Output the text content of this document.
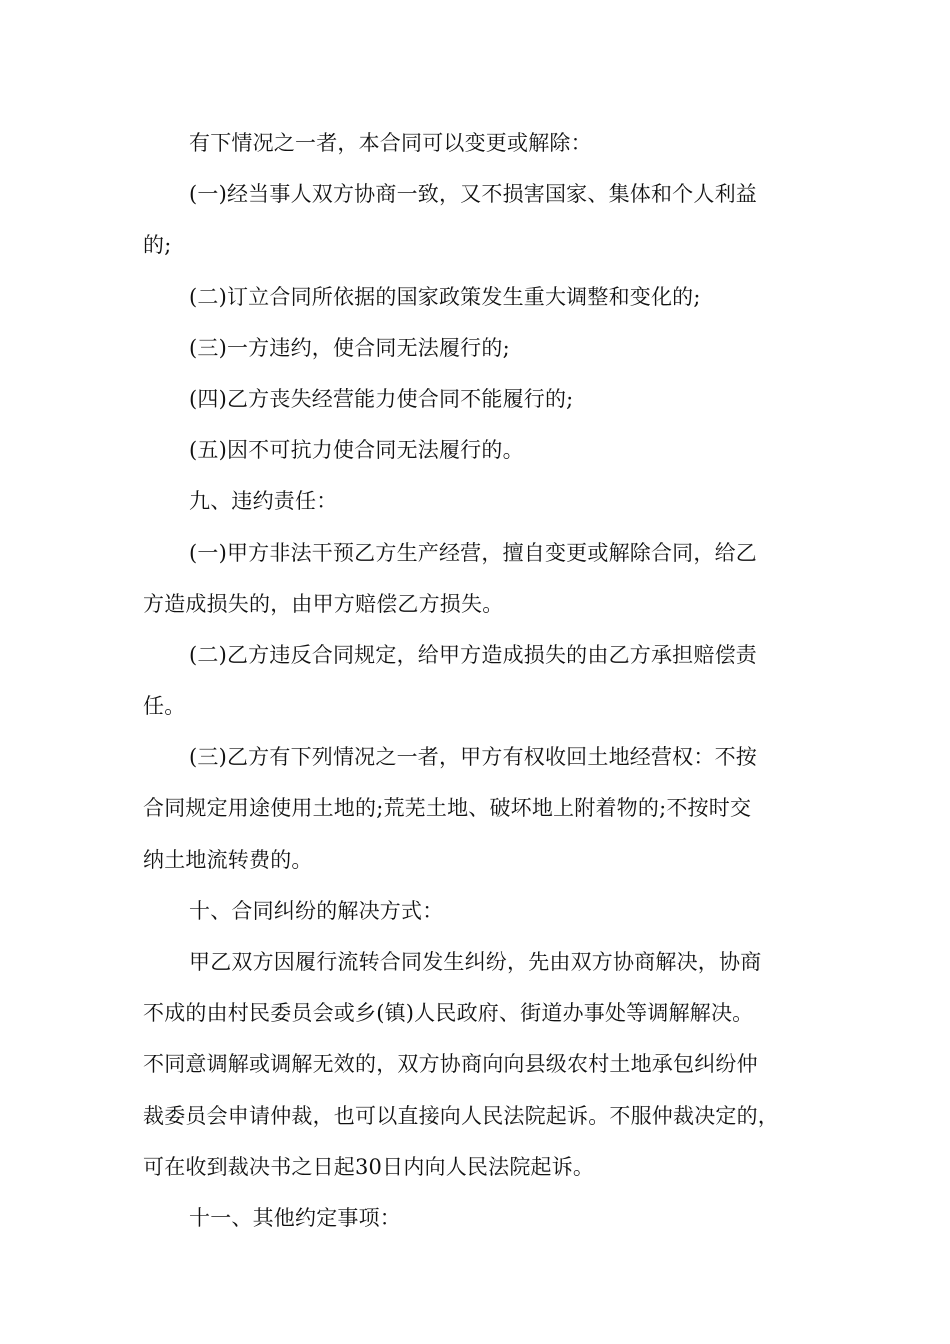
有下情况之一者，本合同可以变更或解除：
(一)经当事人双方协商一致，又不损害国家、集体和个人利益
的;
(二)订立合同所依据的国家政策发生重大调整和变化的;
(三)一方违约，使合同无法履行的;
(四)乙方丧失经营能力使合同不能履行的;
(五)因不可抗力使合同无法履行的。
九、违约责任：
(一)甲方非法干预乙方生产经营，擅自变更或解除合同，给乙
方造成损失的，由甲方赔偿乙方损失。
(二)乙方违反合同规定，给甲方造成损失的由乙方承担赔偿责
任。
(三)乙方有下列情况之一者，甲方有权收回土地经营权：不按
合同规定用途使用土地的;荒芜土地、破坏地上附着物的;不按时交
纳土地流转费的。
十、合同纠纷的解决方式：
甲乙双方因履行流转合同发生纠纷，先由双方协商解决，协商
不成的由村民委员会或乡(镇)人民政府、街道办事处等调解解决。
不同意调解或调解无效的，双方协商向向县级农村土地承包纠纷仲
裁委员会申请仲裁，也可以直接向人民法院起诉。不服仲裁决定的，
可在收到裁决书之日起30日内向人民法院起诉。
十一、其他约定事项：
